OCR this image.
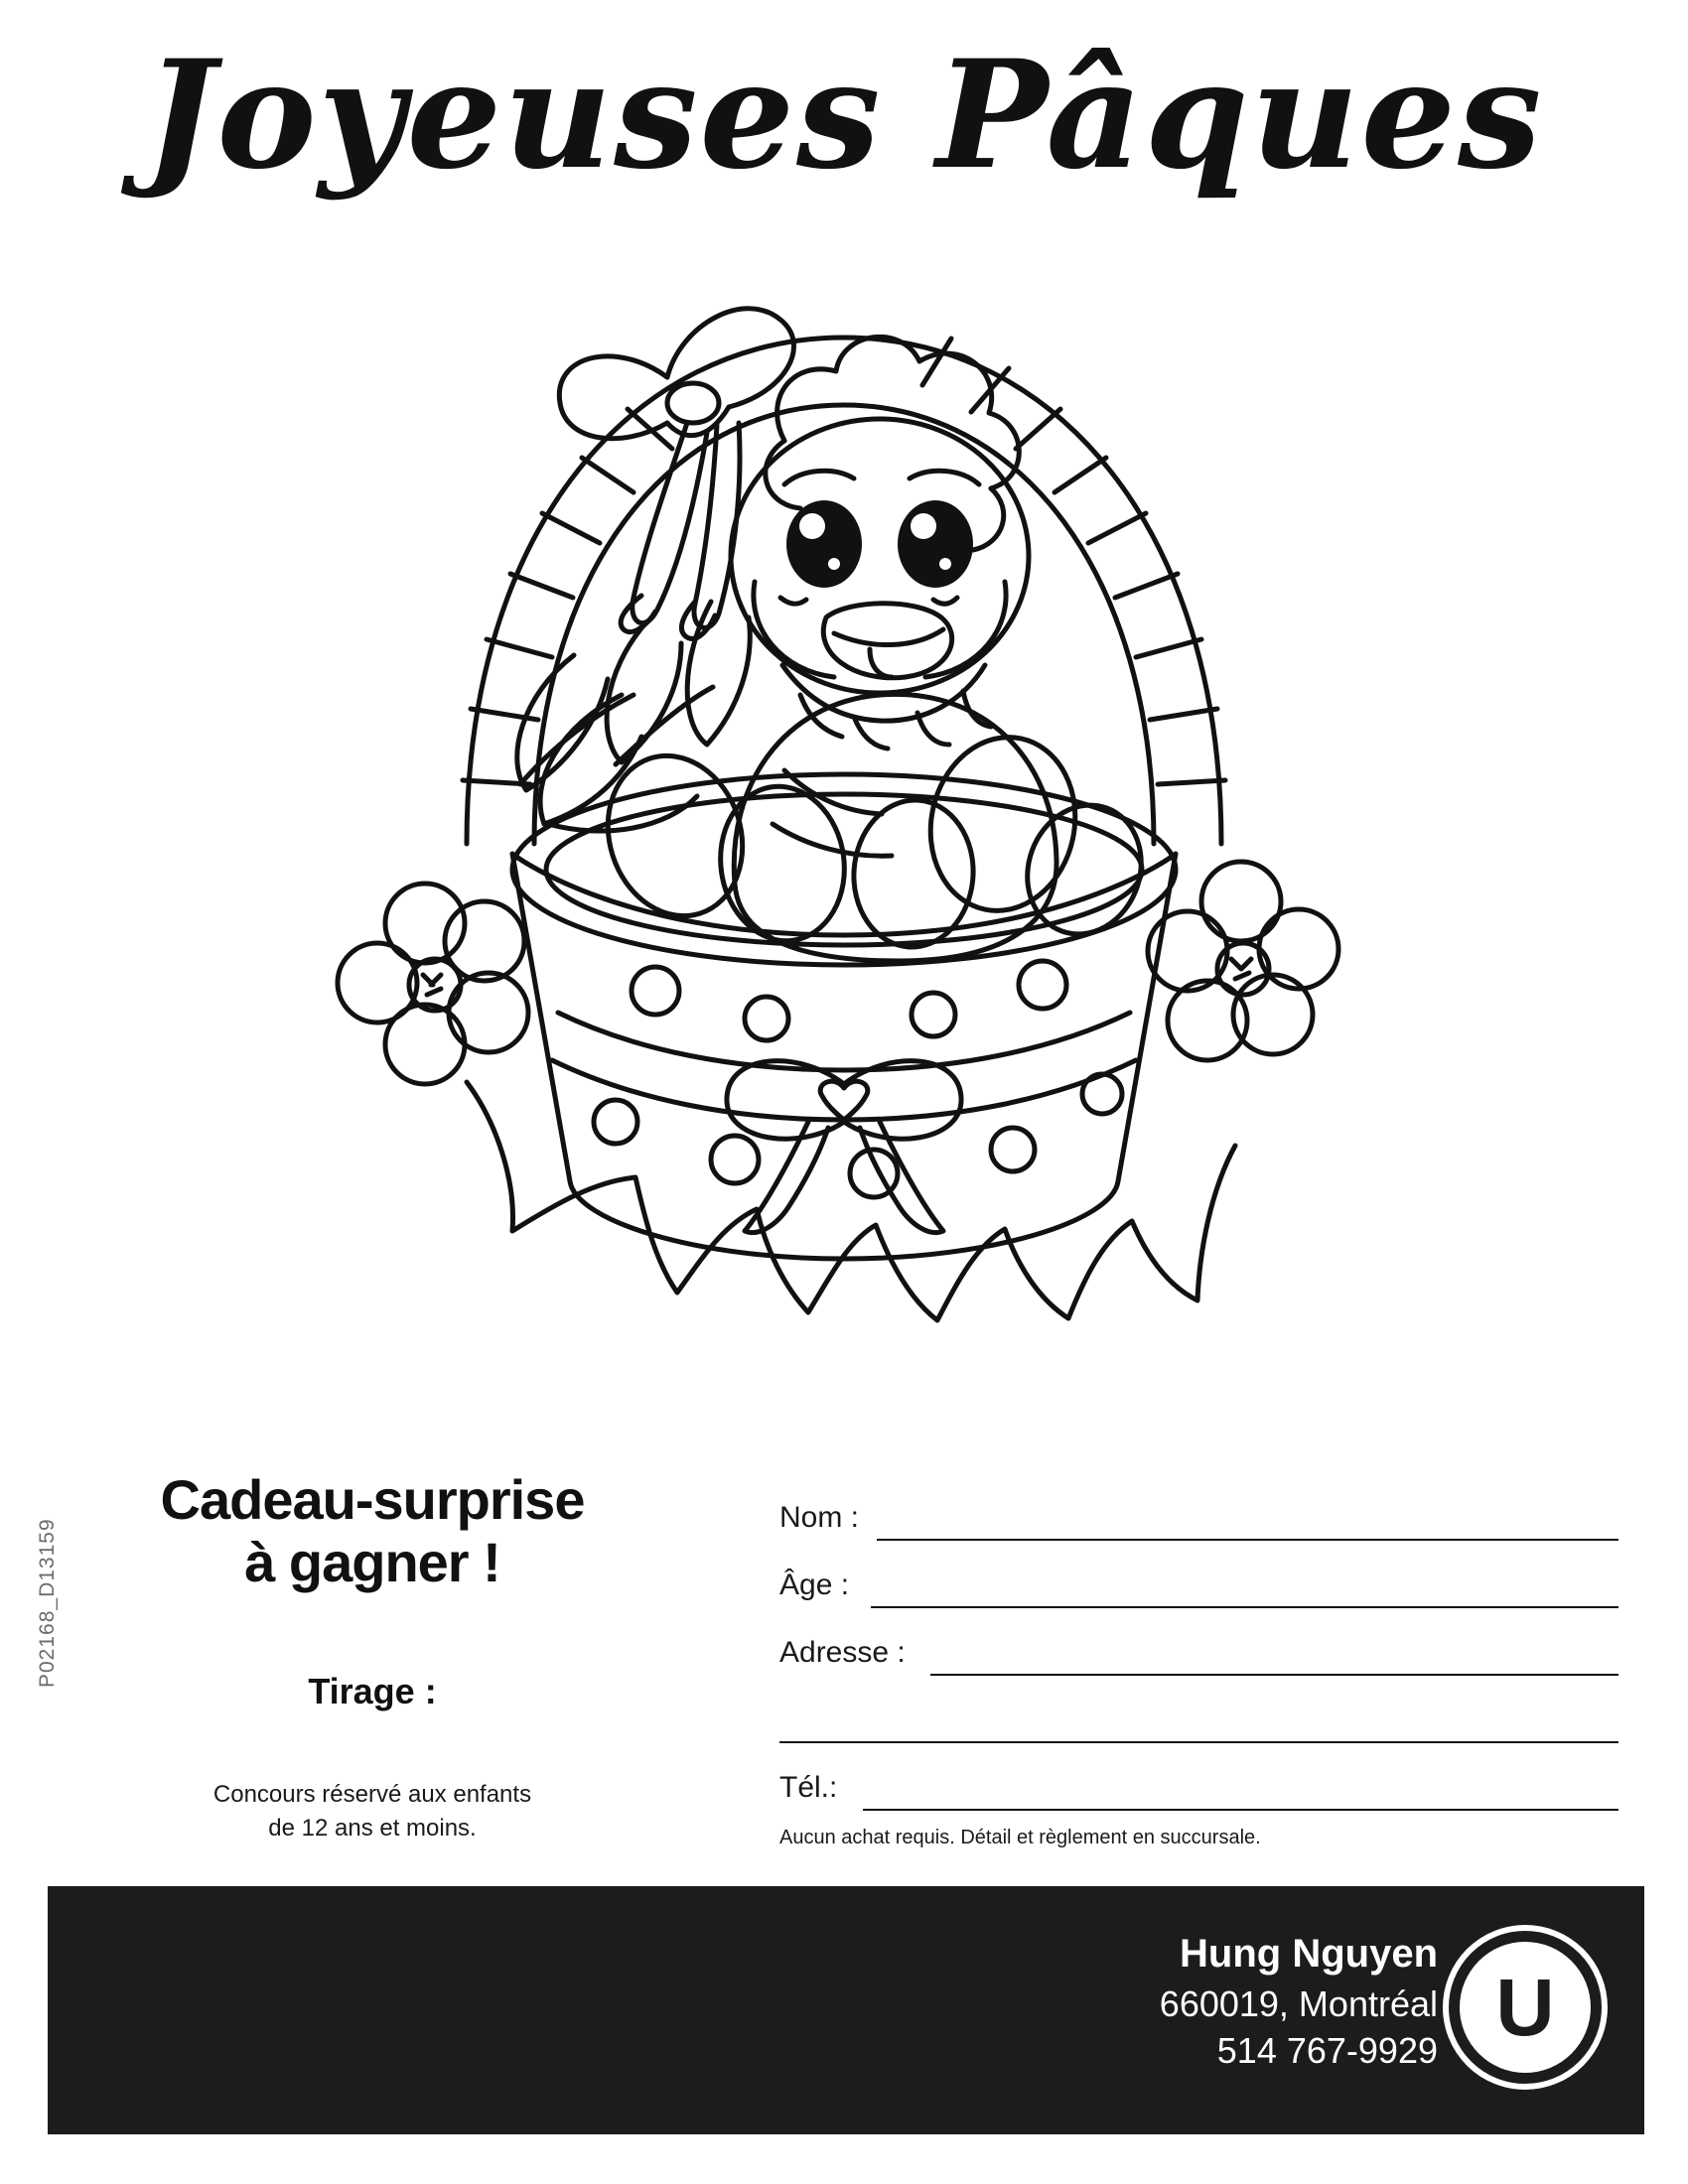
Joyeuses Pâques
Cadeau-surprise
à gagner !
Tirage :
Concours réservé aux enfants
de 12 ans et moins.
Nom :
Âge :
Adresse :
Tél.:
Aucun achat requis. Détail et règlement en succursale.
P02168_D13159
Hung Nguyen
660019, Montréal
514 767-9929 U
